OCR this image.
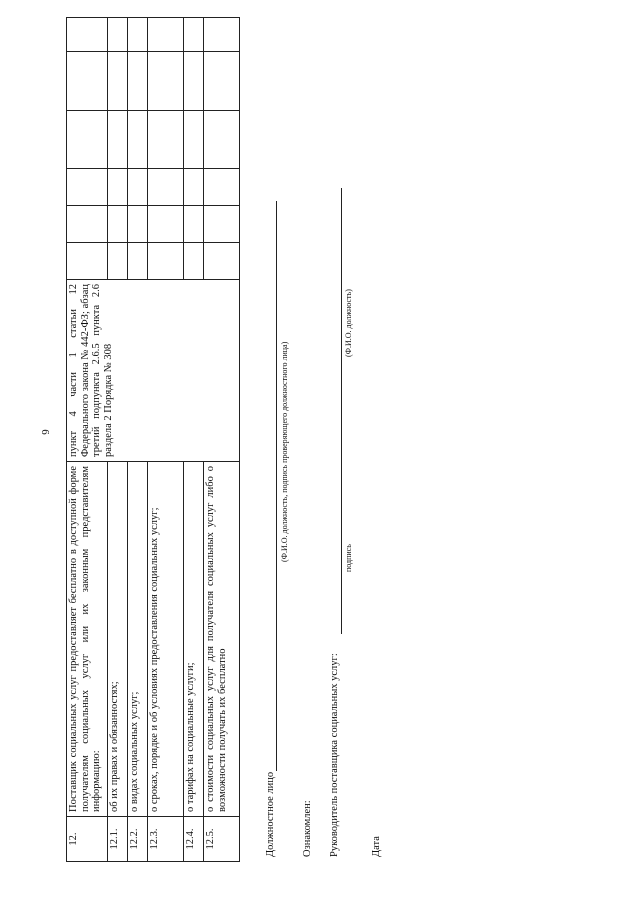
6
12.	Поставщик социальных услуг предоставляет бесплатно в доступной форме получателям социальных услуг или их законным представителям информацию:	пункт 4 части 1 статьи 12 Федерального закона № 442-ФЗ; абзац третий подпункта 2.6.5 пункта 2.6 раздела 2 Порядка № 308						
12.1.	об их правах и обязанностях;							
12.2.	о видах социальных услуг;							
12.3.	о сроках, порядке и об условиях предоставления социальных услуг;							
12.4.	о тарифах на социальные услуги;							
12.5.	о стоимости социальных услуг для получателя социальных услуг либо о возможности получать их бесплатно							
Должностное лицо
(Ф.И.О. должность, подпись проверяющего должностного лица)
Ознакомлен: Руководитель поставщика социальных услуг:
подпись
(Ф.И.О. должность)
Дата
